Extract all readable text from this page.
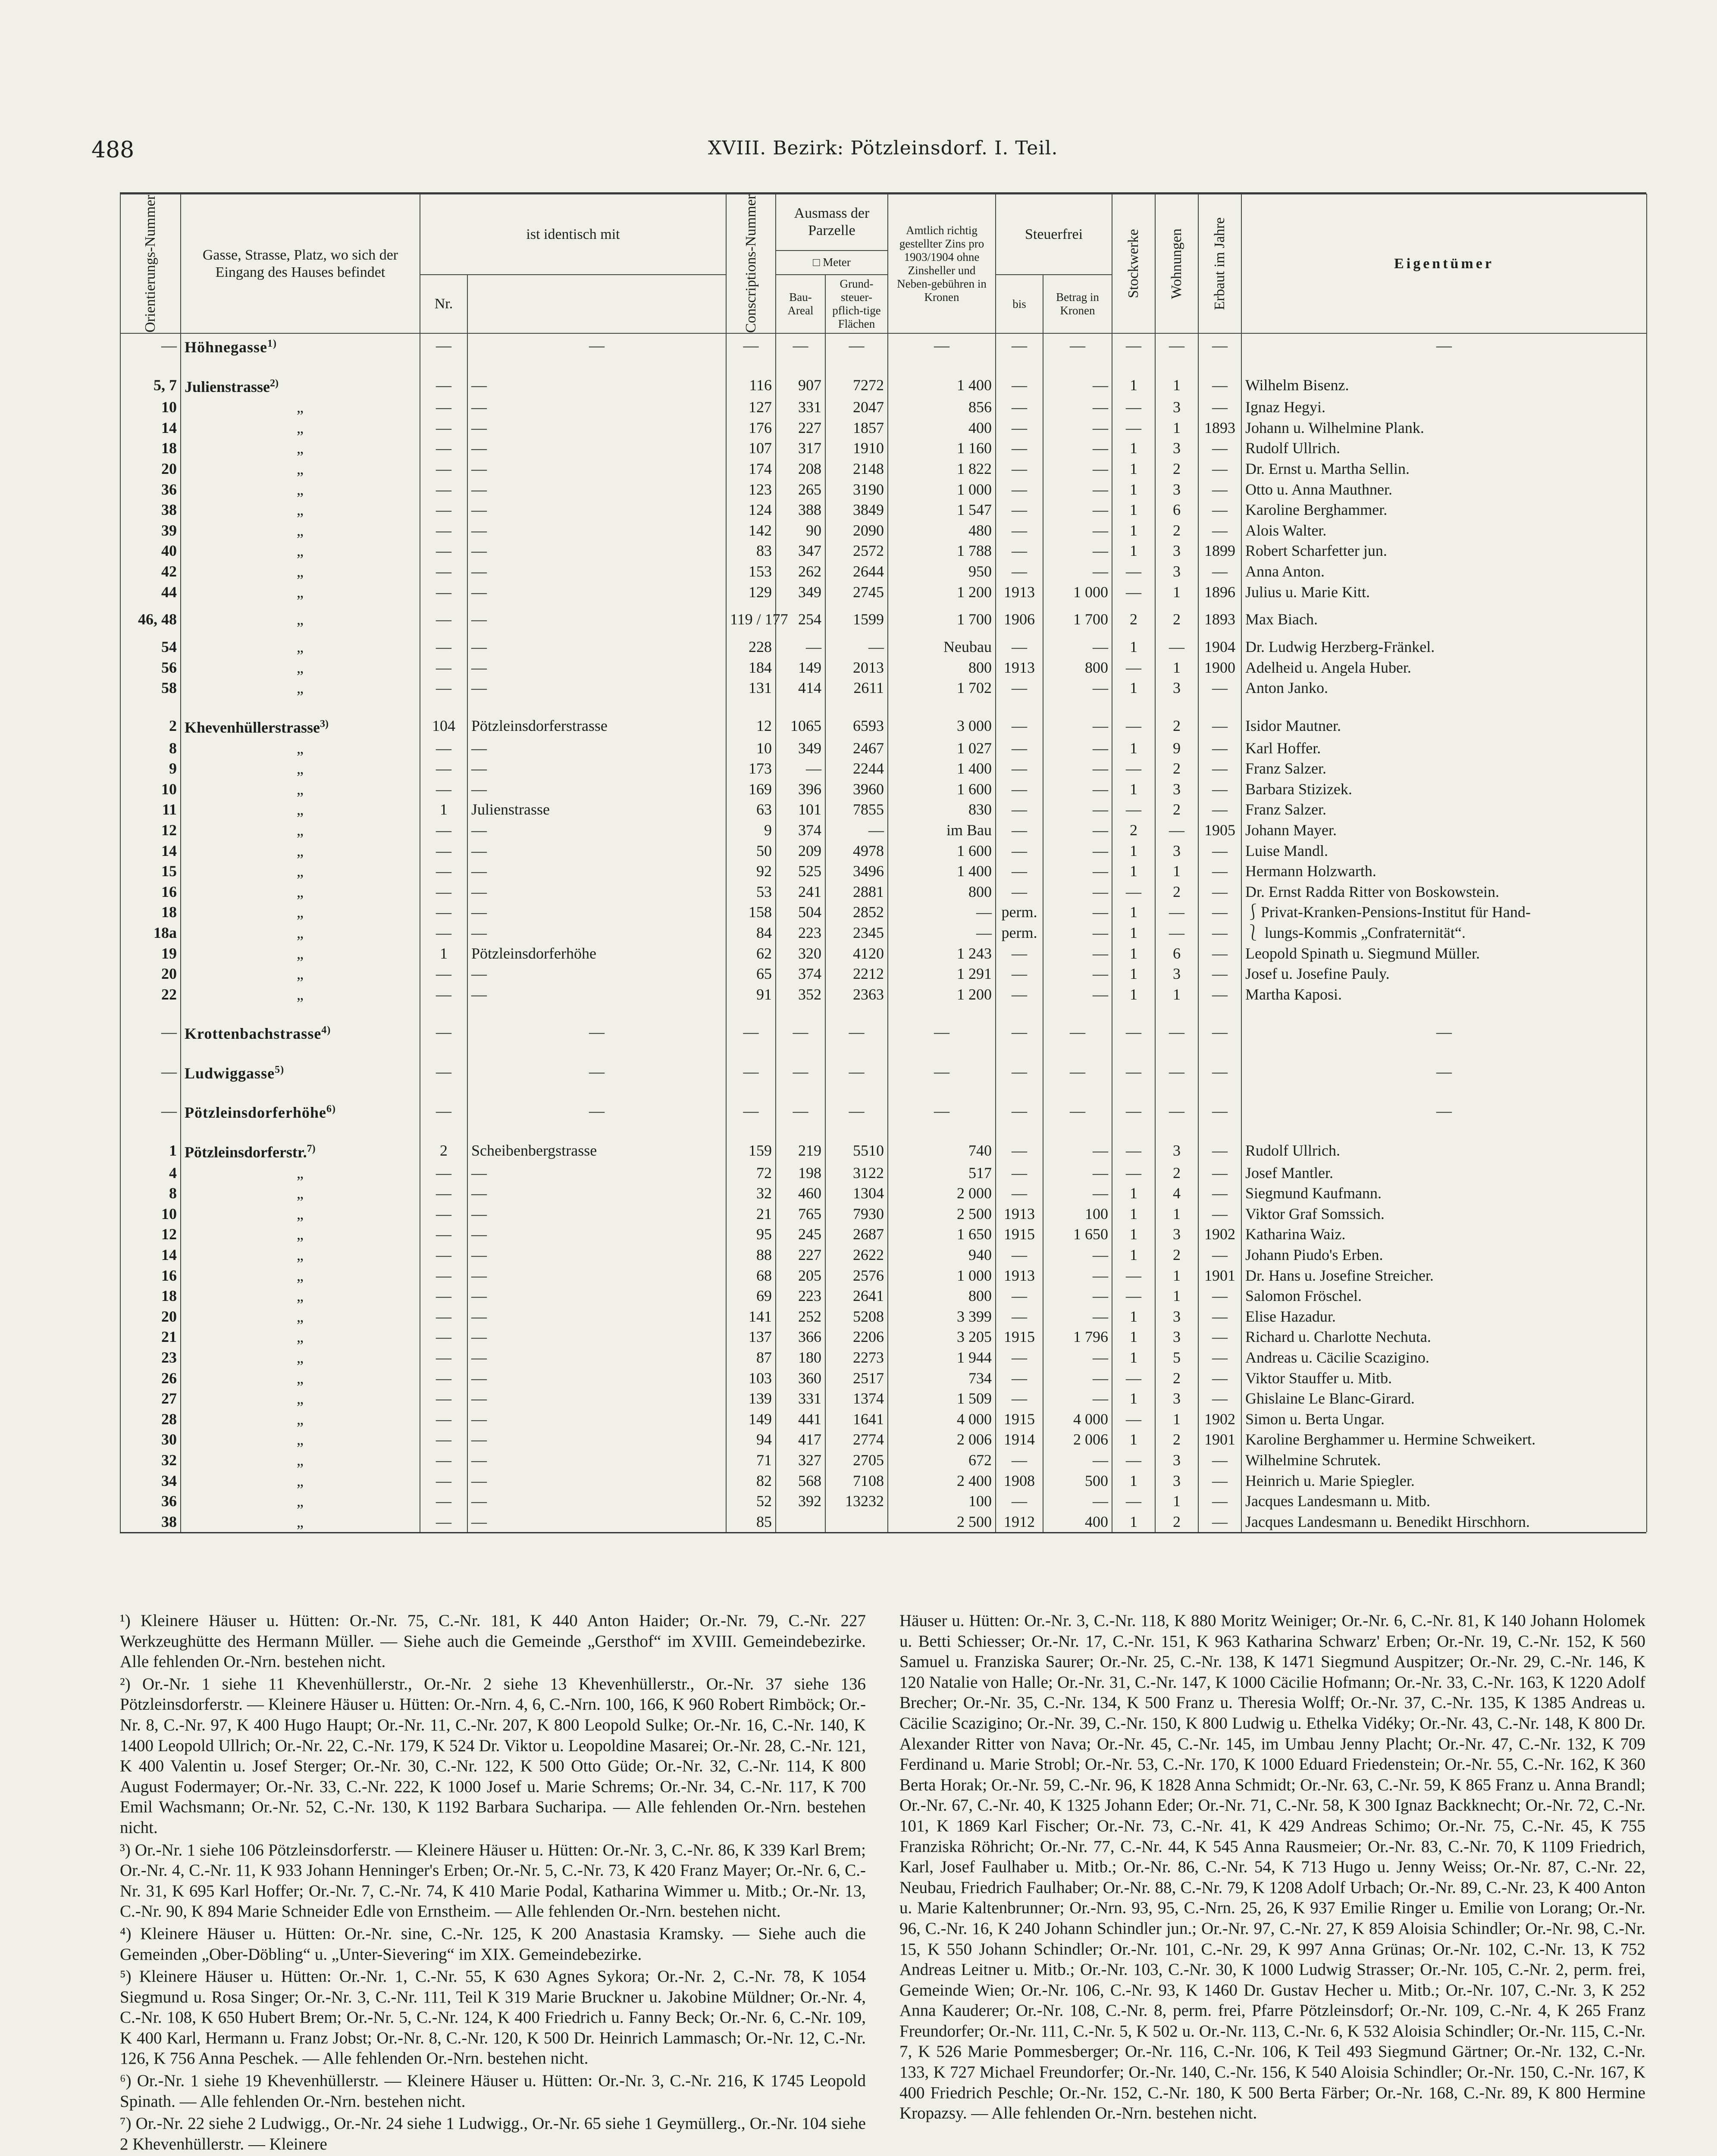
488	XVIII. Bezirk: Pötzleinsdorf. I. Teil.
Orientierungs-Nummer	Gasse, Strasse, Platz, wo sich der Eingang des Hauses befindet	ist identisch mit		Conscriptions-Nummer	Ausmass der Parzelle		Amtlich richtig gestellter Zins pro 1903/1904 ohne Zinsheller und Neben-gebühren in Kronen	Steuerfrei		Stockwerke	Wohnungen	Erbaut im Jahre	Eigentümer
					□ Meter								
		Nr.			Bau-Areal	Grund-steuer-pflich-tige Flächen		bis	Betrag in Kronen				
—	Höhnegasse$^{1)}$	—	—	—	—	—	—	—	—	—	—	—	—

5, 7	Julienstrasse$^{2)}$	—	—	116	907	7272	1 400	—	—	1	1	—	Wilhelm Bisenz.
10	„	—	—	127	331	2047	856	—	—	—	3	—	Ignaz Hegyi.
14	„	—	—	176	227	1857	400	—	—	—	1	1893	Johann u. Wilhelmine Plank.
18	„	—	—	107	317	1910	1 160	—	—	1	3	—	Rudolf Ullrich.
20	„	—	—	174	208	2148	1 822	—	—	1	2	—	Dr. Ernst u. Martha Sellin.
36	„	—	—	123	265	3190	1 000	—	—	1	3	—	Otto u. Anna Mauthner.
38	„	—	—	124	388	3849	1 547	—	—	1	6	—	Karoline Berghammer.
39	„	—	—	142	90	2090	480	—	—	1	2	—	Alois Walter.
40	„	—	—	83	347	2572	1 788	—	—	1	3	1899	Robert Scharfetter jun.
42	„	—	—	153	262	2644	950	—	—	—	3	—	Anna Anton.
44	„	—	—	129	349	2745	1 200	1913	1 000	—	1	1896	Julius u. Marie Kitt.
46, 48	„	—	—	119 / 177	254	1599	1 700	1906	1 700	2	2	1893	Max Biach.
54	„	—	—	228	—	—	Neubau	—	—	1	—	1904	Dr. Ludwig Herzberg-Fränkel.
56	„	—	—	184	149	2013	800	1913	800	—	1	1900	Adelheid u. Angela Huber.
58	„	—	—	131	414	2611	1 702	—	—	1	3	—	Anton Janko.

2	Khevenhüllerstrasse$^{3)}$	104	Pötzleinsdorferstrasse	12	1065	6593	3 000	—	—	—	2	—	Isidor Mautner.
8	„	—	—	10	349	2467	1 027	—	—	1	9	—	Karl Hoffer.
9	„	—	—	173	—	2244	1 400	—	—	—	2	—	Franz Salzer.
10	„	—	—	169	396	3960	1 600	—	—	1	3	—	Barbara Stizizek.
11	„	1	Julienstrasse	63	101	7855	830	—	—	—	2	—	Franz Salzer.
12	„	—	—	9	374	—	im Bau	—	—	2	—	1905	Johann Mayer.
14	„	—	—	50	209	4978	1 600	—	—	1	3	—	Luise Mandl.
15	„	—	—	92	525	3496	1 400	—	—	1	1	—	Hermann Holzwarth.
16	„	—	—	53	241	2881	800	—	—	—	2	—	Dr. Ernst Radda Ritter von Boskowstein.
18	„	—	—	158	504	2852	—	perm.	—	1	—	—	⎰Privat-Kranken-Pensions-Institut für Hand-
18a	„	—	—	84	223	2345	—	perm.	—	1	—	—	⎱ lungs-Kommis „Confraternität“.
19	„	1	Pötzleinsdorferhöhe	62	320	4120	1 243	—	—	1	6	—	Leopold Spinath u. Siegmund Müller.
20	„	—	—	65	374	2212	1 291	—	—	1	3	—	Josef u. Josefine Pauly.
22	„	—	—	91	352	2363	1 200	—	—	1	1	—	Martha Kaposi.

—	Krottenbachstrasse$^{4)}$	—	—	—	—	—	—	—	—	—	—	—	—

—	Ludwiggasse$^{5)}$	—	—	—	—	—	—	—	—	—	—	—	—

—	Pötzleinsdorferhöhe$^{6)}$	—	—	—	—	—	—	—	—	—	—	—	—

1	Pötzleinsdorferstr.$^{7)}$	2	Scheibenbergstrasse	159	219	5510	740	—	—	—	3	—	Rudolf Ullrich.
4	„	—	—	72	198	3122	517	—	—	—	2	—	Josef Mantler.
8	„	—	—	32	460	1304	2 000	—	—	1	4	—	Siegmund Kaufmann.
10	„	—	—	21	765	7930	2 500	1913	100	1	1	—	Viktor Graf Somssich.
12	„	—	—	95	245	2687	1 650	1915	1 650	1	3	1902	Katharina Waiz.
14	„	—	—	88	227	2622	940	—	—	1	2	—	Johann Piudo's Erben.
16	„	—	—	68	205	2576	1 000	1913	—	—	1	1901	Dr. Hans u. Josefine Streicher.
18	„	—	—	69	223	2641	800	—	—	—	1	—	Salomon Fröschel.
20	„	—	—	141	252	5208	3 399	—	—	1	3	—	Elise Hazadur.
21	„	—	—	137	366	2206	3 205	1915	1 796	1	3	—	Richard u. Charlotte Nechuta.
23	„	—	—	87	180	2273	1 944	—	—	1	5	—	Andreas u. Cäcilie Scazigino.
26	„	—	—	103	360	2517	734	—	—	—	2	—	Viktor Stauffer u. Mitb.
27	„	—	—	139	331	1374	1 509	—	—	1	3	—	Ghislaine Le Blanc-Girard.
28	„	—	—	149	441	1641	4 000	1915	4 000	—	1	1902	Simon u. Berta Ungar.
30	„	—	—	94	417	2774	2 006	1914	2 006	1	2	1901	Karoline Berghammer u. Hermine Schweikert.
32	„	—	—	71	327	2705	672	—	—	—	3	—	Wilhelmine Schrutek.
34	„	—	—	82	568	7108	2 400	1908	500	1	3	—	Heinrich u. Marie Spiegler.
36	„	—	—	52	392	13232	100	—	—	—	1	—	Jacques Landesmann u. Mitb.
38	„	—	—	85			2 500	1912	400	1	2	—	Jacques Landesmann u. Benedikt Hirschhorn.

¹) Kleinere Häuser u. Hütten: Or.-Nr. 75, C.-Nr. 181, K 440 Anton Haider; Or.-Nr. 79, C.-Nr. 227 Werkzeughütte des Hermann Müller. — Siehe auch die Gemeinde „Gersthof“ im XVIII. Gemeindebezirke. Alle fehlenden Or.-Nrn. bestehen nicht.

²) Or.-Nr. 1 siehe 11 Khevenhüllerstr., Or.-Nr. 2 siehe 13 Khevenhüllerstr., Or.-Nr. 37 siehe 136 Pötzleinsdorferstr. — Kleinere Häuser u. Hütten: Or.-Nrn. 4, 6, C.-Nrn. 100, 166, K 960 Robert Rimböck; Or.-Nr. 8, C.-Nr. 97, K 400 Hugo Haupt; Or.-Nr. 11, C.-Nr. 207, K 800 Leopold Sulke; Or.-Nr. 16, C.-Nr. 140, K 1400 Leopold Ullrich; Or.-Nr. 22, C.-Nr. 179, K 524 Dr. Viktor u. Leopoldine Masarei; Or.-Nr. 28, C.-Nr. 121, K 400 Valentin u. Josef Sterger; Or.-Nr. 30, C.-Nr. 122, K 500 Otto Güde; Or.-Nr. 32, C.-Nr. 114, K 800 August Fodermayer; Or.-Nr. 33, C.-Nr. 222, K 1000 Josef u. Marie Schrems; Or.-Nr. 34, C.-Nr. 117, K 700 Emil Wachsmann; Or.-Nr. 52, C.-Nr. 130, K 1192 Barbara Sucharipa. — Alle fehlenden Or.-Nrn. bestehen nicht.

³) Or.-Nr. 1 siehe 106 Pötzleinsdorferstr. — Kleinere Häuser u. Hütten: Or.-Nr. 3, C.-Nr. 86, K 339 Karl Brem; Or.-Nr. 4, C.-Nr. 11, K 933 Johann Henninger's Erben; Or.-Nr. 5, C.-Nr. 73, K 420 Franz Mayer; Or.-Nr. 6, C.-Nr. 31, K 695 Karl Hoffer; Or.-Nr. 7, C.-Nr. 74, K 410 Marie Podal, Katharina Wimmer u. Mitb.; Or.-Nr. 13, C.-Nr. 90, K 894 Marie Schneider Edle von Ernstheim. — Alle fehlenden Or.-Nrn. bestehen nicht.

⁴) Kleinere Häuser u. Hütten: Or.-Nr. sine, C.-Nr. 125, K 200 Anastasia Kramsky. — Siehe auch die Gemeinden „Ober-Döbling“ u. „Unter-Sievering“ im XIX. Gemeindebezirke.

⁵) Kleinere Häuser u. Hütten: Or.-Nr. 1, C.-Nr. 55, K 630 Agnes Sykora; Or.-Nr. 2, C.-Nr. 78, K 1054 Siegmund u. Rosa Singer; Or.-Nr. 3, C.-Nr. 111, Teil K 319 Marie Bruckner u. Jakobine Müldner; Or.-Nr. 4, C.-Nr. 108, K 650 Hubert Brem; Or.-Nr. 5, C.-Nr. 124, K 400 Friedrich u. Fanny Beck; Or.-Nr. 6, C.-Nr. 109, K 400 Karl, Hermann u. Franz Jobst; Or.-Nr. 8, C.-Nr. 120, K 500 Dr. Heinrich Lammasch; Or.-Nr. 12, C.-Nr. 126, K 756 Anna Peschek. — Alle fehlenden Or.-Nrn. bestehen nicht.

⁶) Or.-Nr. 1 siehe 19 Khevenhüllerstr. — Kleinere Häuser u. Hütten: Or.-Nr. 3, C.-Nr. 216, K 1745 Leopold Spinath. — Alle fehlenden Or.-Nrn. bestehen nicht.

⁷) Or.-Nr. 22 siehe 2 Ludwigg., Or.-Nr. 24 siehe 1 Ludwigg., Or.-Nr. 65 siehe 1 Geymüllerg., Or.-Nr. 104 siehe 2 Khevenhüllerstr. — Kleinere

Häuser u. Hütten: Or.-Nr. 3, C.-Nr. 118, K 880 Moritz Weiniger; Or.-Nr. 6, C.-Nr. 81, K 140 Johann Holomek u. Betti Schiesser; Or.-Nr. 17, C.-Nr. 151, K 963 Katharina Schwarz' Erben; Or.-Nr. 19, C.-Nr. 152, K 560 Samuel u. Franziska Saurer; Or.-Nr. 25, C.-Nr. 138, K 1471 Siegmund Auspitzer; Or.-Nr. 29, C.-Nr. 146, K 120 Natalie von Halle; Or.-Nr. 31, C.-Nr. 147, K 1000 Cäcilie Hofmann; Or.-Nr. 33, C.-Nr. 163, K 1220 Adolf Brecher; Or.-Nr. 35, C.-Nr. 134, K 500 Franz u. Theresia Wolff; Or.-Nr. 37, C.-Nr. 135, K 1385 Andreas u. Cäcilie Scazigino; Or.-Nr. 39, C.-Nr. 150, K 800 Ludwig u. Ethelka Vidéky; Or.-Nr. 43, C.-Nr. 148, K 800 Dr. Alexander Ritter von Nava; Or.-Nr. 45, C.-Nr. 145, im Umbau Jenny Placht; Or.-Nr. 47, C.-Nr. 132, K 709 Ferdinand u. Marie Strobl; Or.-Nr. 53, C.-Nr. 170, K 1000 Eduard Friedenstein; Or.-Nr. 55, C.-Nr. 162, K 360 Berta Horak; Or.-Nr. 59, C.-Nr. 96, K 1828 Anna Schmidt; Or.-Nr. 63, C.-Nr. 59, K 865 Franz u. Anna Brandl; Or.-Nr. 67, C.-Nr. 40, K 1325 Johann Eder; Or.-Nr. 71, C.-Nr. 58, K 300 Ignaz Backknecht; Or.-Nr. 72, C.-Nr. 101, K 1869 Karl Fischer; Or.-Nr. 73, C.-Nr. 41, K 429 Andreas Schimo; Or.-Nr. 75, C.-Nr. 45, K 755 Franziska Röhricht; Or.-Nr. 77, C.-Nr. 44, K 545 Anna Rausmeier; Or.-Nr. 83, C.-Nr. 70, K 1109 Friedrich, Karl, Josef Faulhaber u. Mitb.; Or.-Nr. 86, C.-Nr. 54, K 713 Hugo u. Jenny Weiss; Or.-Nr. 87, C.-Nr. 22, Neubau, Friedrich Faulhaber; Or.-Nr. 88, C.-Nr. 79, K 1208 Adolf Urbach; Or.-Nr. 89, C.-Nr. 23, K 400 Anton u. Marie Kaltenbrunner; Or.-Nrn. 93, 95, C.-Nrn. 25, 26, K 937 Emilie Ringer u. Emilie von Lorang; Or.-Nr. 96, C.-Nr. 16, K 240 Johann Schindler jun.; Or.-Nr. 97, C.-Nr. 27, K 859 Aloisia Schindler; Or.-Nr. 98, C.-Nr. 15, K 550 Johann Schindler; Or.-Nr. 101, C.-Nr. 29, K 997 Anna Grünas; Or.-Nr. 102, C.-Nr. 13, K 752 Andreas Leitner u. Mitb.; Or.-Nr. 103, C.-Nr. 30, K 1000 Ludwig Strasser; Or.-Nr. 105, C.-Nr. 2, perm. frei, Gemeinde Wien; Or.-Nr. 106, C.-Nr. 93, K 1460 Dr. Gustav Hecher u. Mitb.; Or.-Nr. 107, C.-Nr. 3, K 252 Anna Kauderer; Or.-Nr. 108, C.-Nr. 8, perm. frei, Pfarre Pötzleinsdorf; Or.-Nr. 109, C.-Nr. 4, K 265 Franz Freundorfer; Or.-Nr. 111, C.-Nr. 5, K 502 u. Or.-Nr. 113, C.-Nr. 6, K 532 Aloisia Schindler; Or.-Nr. 115, C.-Nr. 7, K 526 Marie Pommesberger; Or.-Nr. 116, C.-Nr. 106, K Teil 493 Siegmund Gärtner; Or.-Nr. 132, C.-Nr. 133, K 727 Michael Freundorfer; Or.-Nr. 140, C.-Nr. 156, K 540 Aloisia Schindler; Or.-Nr. 150, C.-Nr. 167, K 400 Friedrich Peschle; Or.-Nr. 152, C.-Nr. 180, K 500 Berta Färber; Or.-Nr. 168, C.-Nr. 89, K 800 Hermine Kropazsy. — Alle fehlenden Or.-Nrn. bestehen nicht.
